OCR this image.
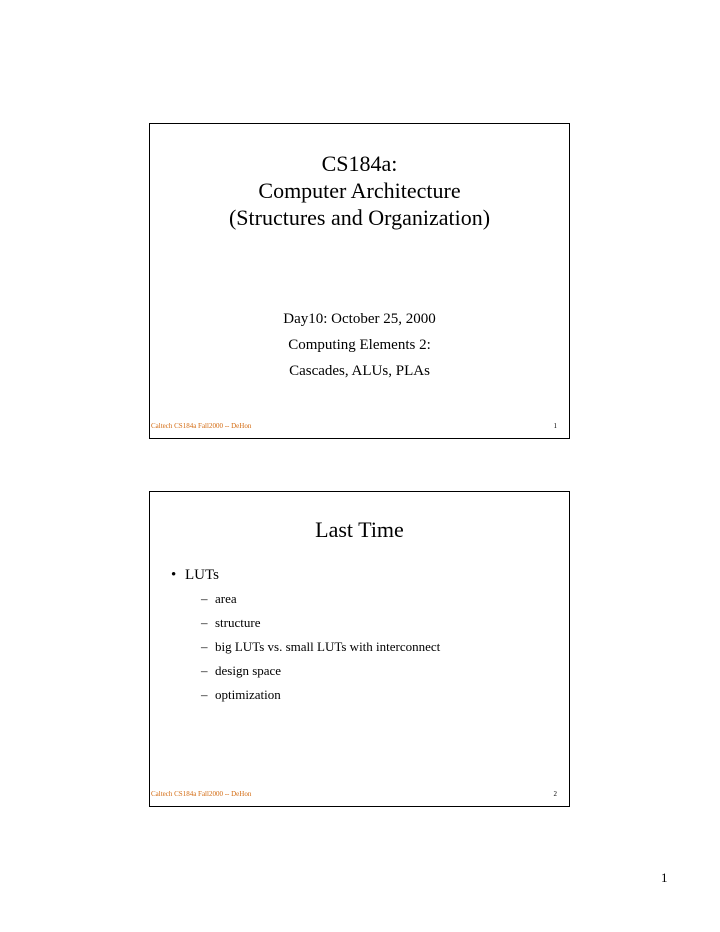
CS184a:
Computer Architecture
(Structures and Organization)
Day10: October 25, 2000
Computing Elements 2:
Cascades, ALUs, PLAs
Caltech CS184a Fall2000 -- DeHon	1
Last Time
• LUTs
– area
– structure
– big LUTs vs. small LUTs with interconnect
– design space
– optimization
Caltech CS184a Fall2000 -- DeHon	2
1
